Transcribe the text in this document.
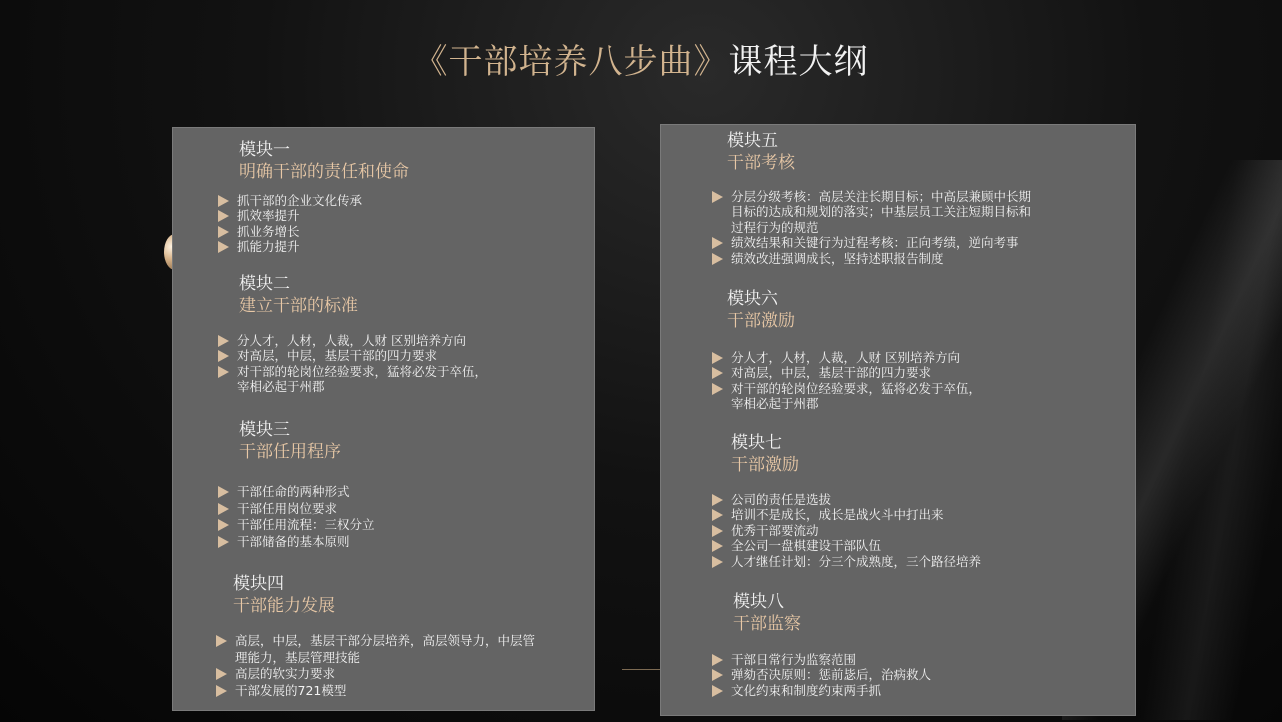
《干部培养八步曲》课程大纲
模块一
明确干部的责任和使命
抓干部的企业文化传承
抓效率提升
抓业务增长
抓能力提升
模块二
建立干部的标准
分人才，人材，人裁，人财 区别培养方向
对高层，中层，基层干部的四力要求
对干部的轮岗位经验要求，猛将必发于卒伍，
宰相必起于州郡
模块三
干部任用程序
干部任命的两种形式
干部任用岗位要求
干部任用流程：三权分立
干部储备的基本原则
模块四
干部能力发展
高层，中层，基层干部分层培养，高层领导力，中层管
理能力，基层管理技能
高层的软实力要求
干部发展的721模型
模块五
干部考核
分层分级考核：高层关注长期目标；中高层兼顾中长期
目标的达成和规划的落实；中基层员工关注短期目标和
过程行为的规范
绩效结果和关键行为过程考核：正向考绩，逆向考事
绩效改进强调成长，坚持述职报告制度
模块六
干部激励
分人才，人材，人裁，人财 区别培养方向
对高层，中层，基层干部的四力要求
对干部的轮岗位经验要求，猛将必发于卒伍，
宰相必起于州郡
模块七
干部激励
公司的责任是选拔
培训不是成长，成长是战火斗中打出来
优秀干部要流动
全公司一盘棋建设干部队伍
人才继任计划：分三个成熟度，三个路径培养
模块八
干部监察
干部日常行为监察范围
弹劾否决原则：惩前毖后，治病救人
文化约束和制度约束两手抓
